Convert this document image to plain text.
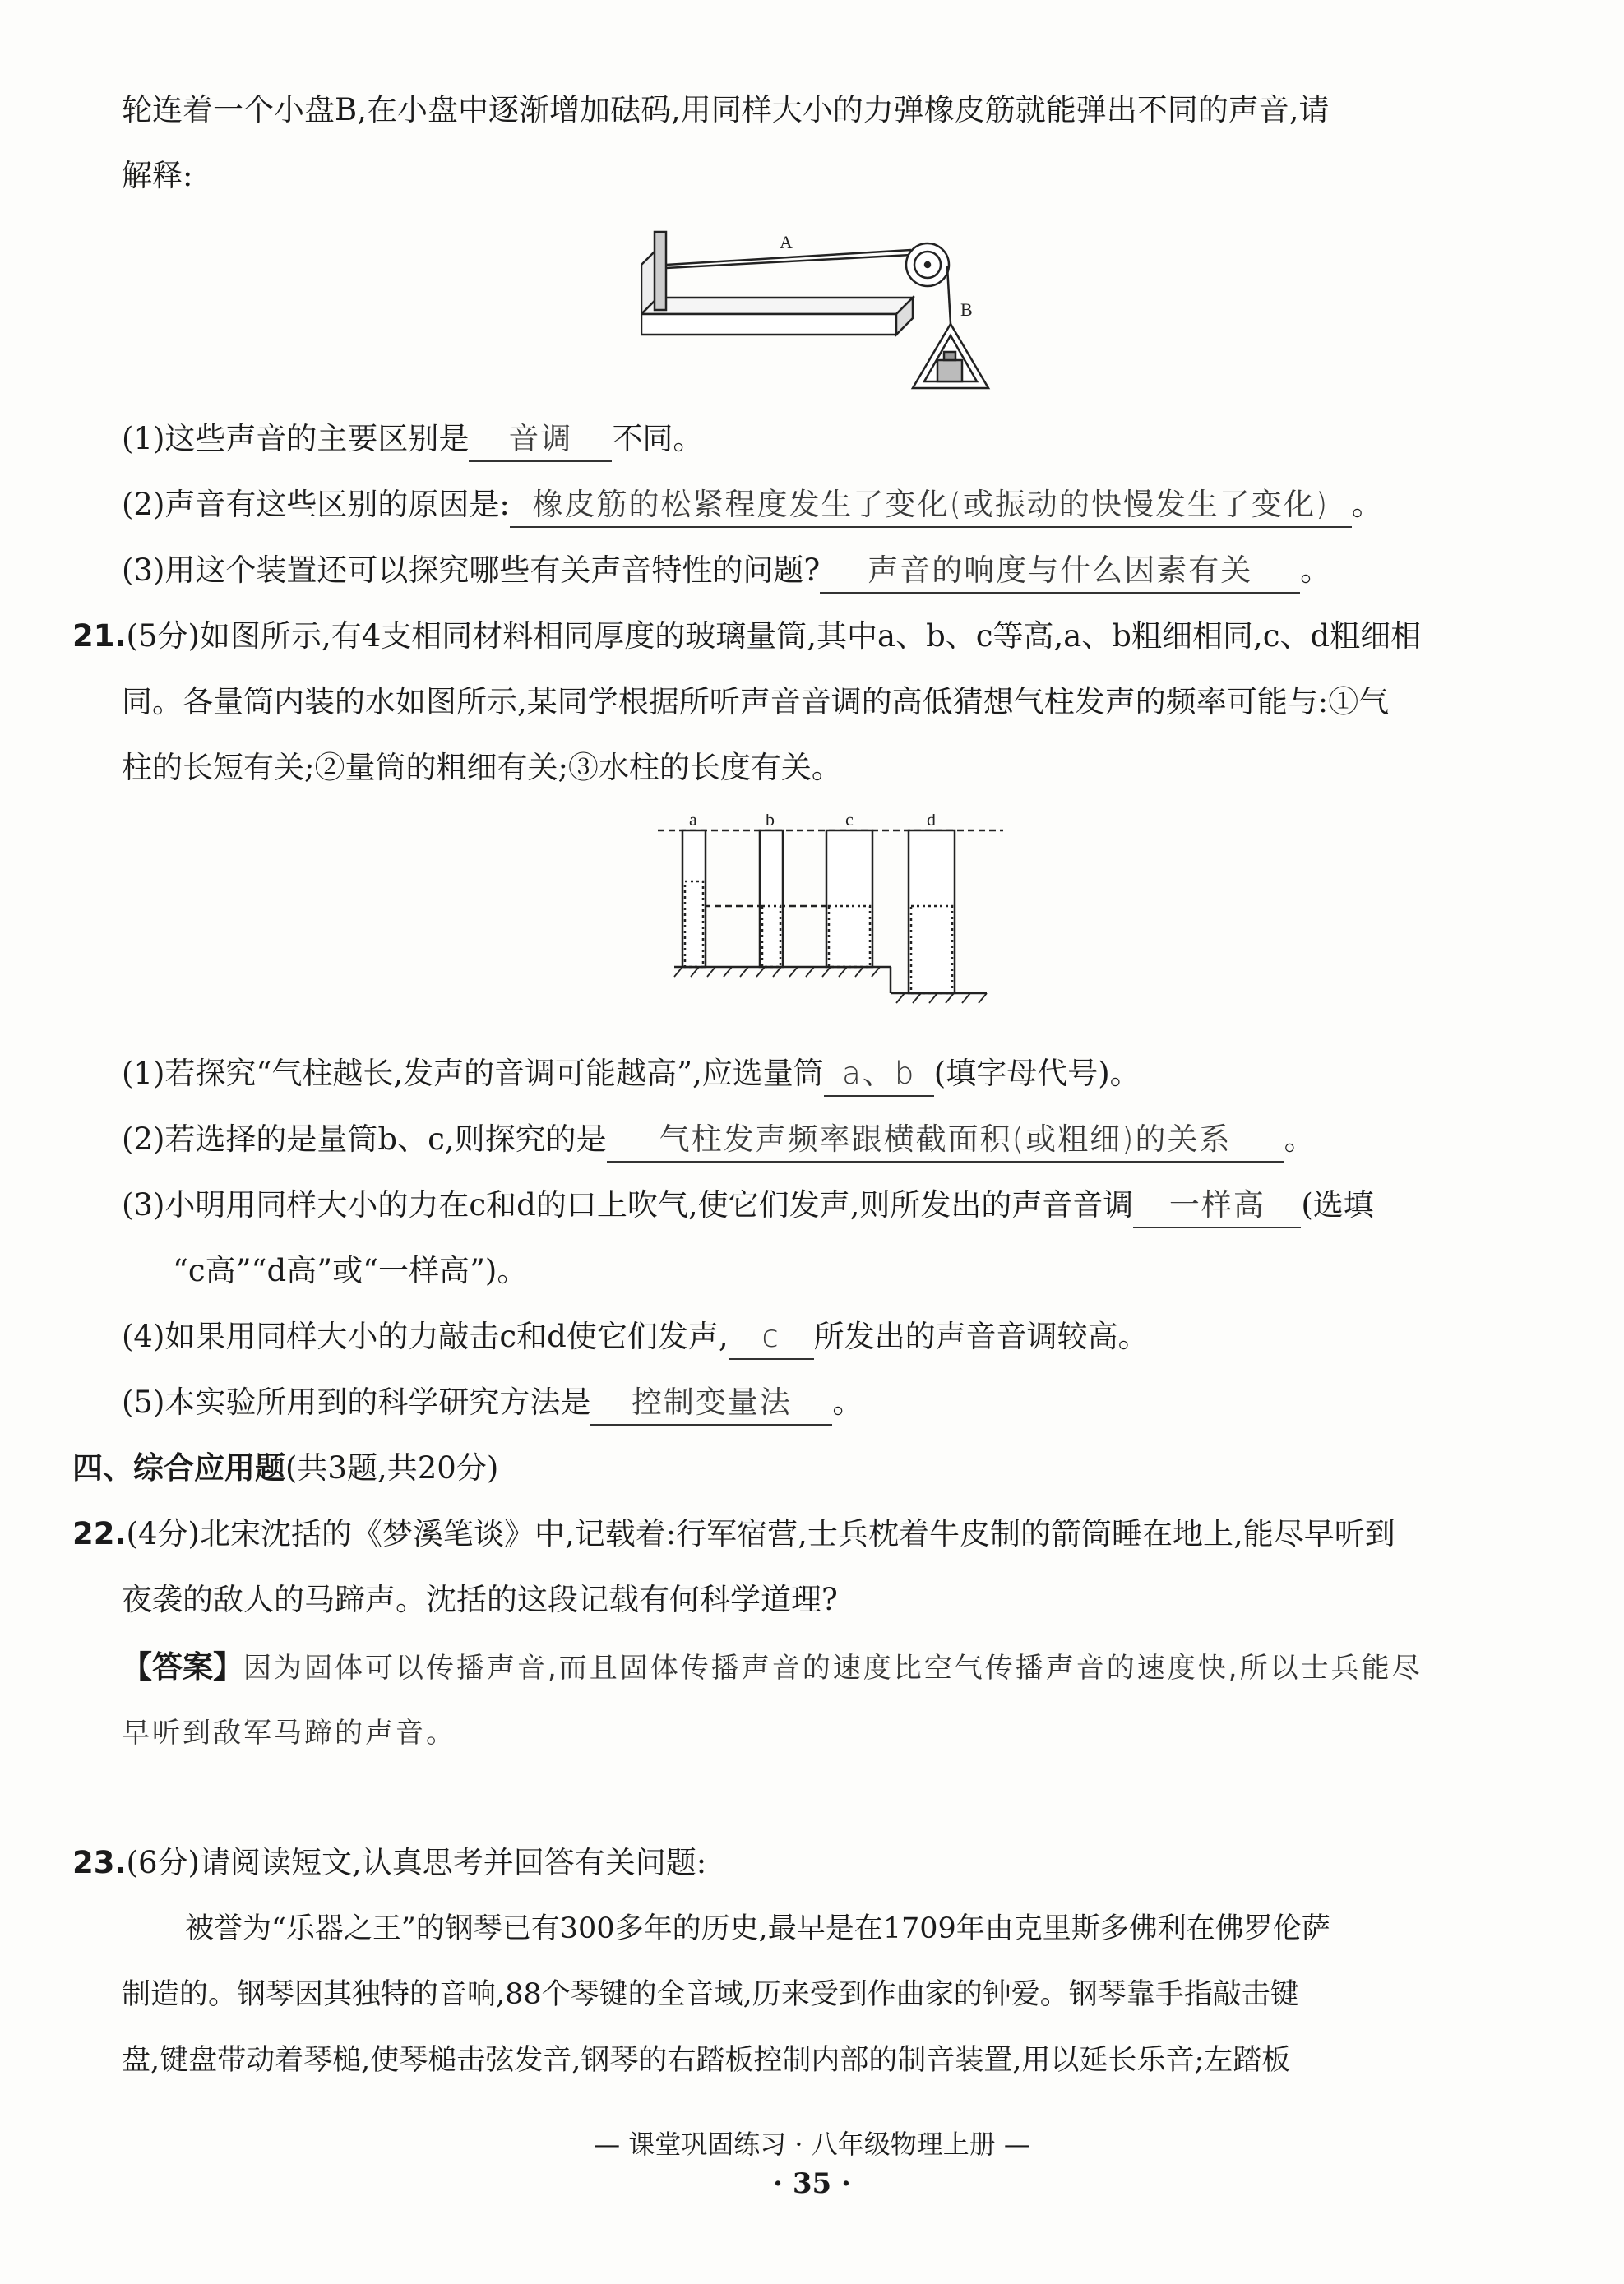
轮连着一个小盘B,在小盘中逐渐增加砝码,用同样大小的力弹橡皮筋就能弹出不同的声音,请
解释:
A
B
(1)这些声音的主要区别是 音调 不同。
(2)声音有这些区别的原因是: 橡皮筋的松紧程度发生了变化(或振动的快慢发生了变化) 。
(3)用这个装置还可以探究哪些有关声音特性的问题? 声音的响度与什么因素有关 。
21.(5分)如图所示,有4支相同材料相同厚度的玻璃量筒,其中a、b、c等高,a、b粗细相同,c、d粗细相
同。各量筒内装的水如图所示,某同学根据所听声音音调的高低猜想气柱发声的频率可能与:①气
柱的长短有关;②量筒的粗细有关;③水柱的长度有关。
a	b	c	d
(1)若探究“气柱越长,发声的音调可能越高”,应选量筒 a、b (填字母代号)。
(2)若选择的是量筒b、c,则探究的是 气柱发声频率跟横截面积(或粗细)的关系 。
(3)小明用同样大小的力在c和d的口上吹气,使它们发声,则所发出的声音音调 一样高 (选填
“c高”“d高”或“一样高”)。
(4)如果用同样大小的力敲击c和d使它们发声, c 所发出的声音音调较高。
(5)本实验所用到的科学研究方法是 控制变量法 。
四、综合应用题(共3题,共20分)
22.(4分)北宋沈括的《梦溪笔谈》中,记载着:行军宿营,士兵枕着牛皮制的箭筒睡在地上,能尽早听到
夜袭的敌人的马蹄声。沈括的这段记载有何科学道理?
【答案】因为固体可以传播声音,而且固体传播声音的速度比空气传播声音的速度快,所以士兵能尽
早听到敌军马蹄的声音。
23.(6分)请阅读短文,认真思考并回答有关问题:
被誉为“乐器之王”的钢琴已有300多年的历史,最早是在1709年由克里斯多佛利在佛罗伦萨
制造的。钢琴因其独特的音响,88个琴键的全音域,历来受到作曲家的钟爱。钢琴靠手指敲击键
盘,键盘带动着琴槌,使琴槌击弦发音,钢琴的右踏板控制内部的制音装置,用以延长乐音;左踏板
— 课堂巩固练习 · 八年级物理上册 —
· 35 ·
